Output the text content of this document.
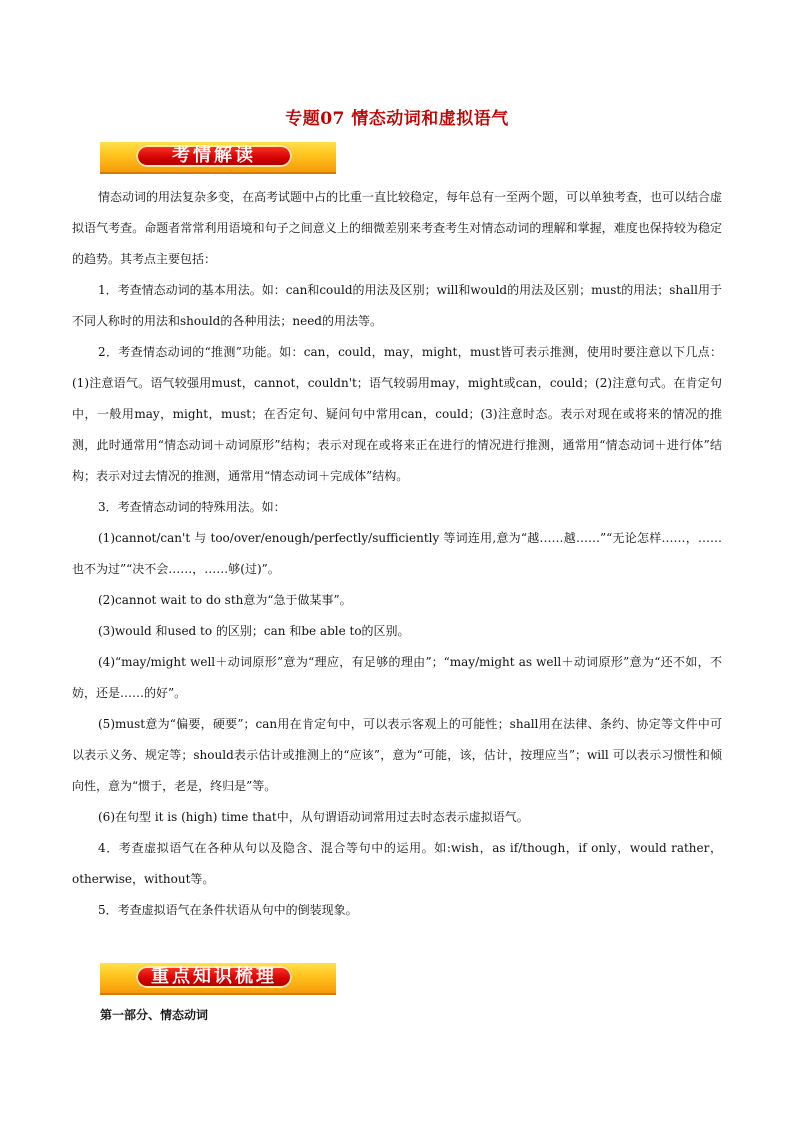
专题07 情态动词和虚拟语气
考情解读

情态动词的用法复杂多变，在高考试题中占的比重一直比较稳定，每年总有一至两个题，可以单独考查，也可以结合虚拟语气考查。命题者常常利用语境和句子之间意义上的细微差别来考查考生对情态动词的理解和掌握，难度也保持较为稳定的趋势。其考点主要包括：

1．考查情态动词的基本用法。如：can和could的用法及区别；will和would的用法及区别；must的用法；shall用于不同人称时的用法和should的各种用法；need的用法等。

2．考查情态动词的“推测”功能。如：can，could，may，might，must皆可表示推测，使用时要注意以下几点：(1)注意语气。语气较强用must，cannot，couldn't；语气较弱用may，might或can，could；(2)注意句式。在肯定句中，一般用may，might，must；在否定句、疑问句中常用can，could；(3)注意时态。表示对现在或将来的情况的推测，此时通常用“情态动词＋动词原形”结构；表示对现在或将来正在进行的情况进行推测，通常用“情态动词＋进行体”结构；表示对过去情况的推测，通常用“情态动词＋完成体”结构。

3．考查情态动词的特殊用法。如：

(1)cannot/can't 与 too/over/enough/perfectly/sufficiently 等词连用,意为“越……越……”“无论怎样……，……也不为过”“决不会……，……够(过)”。

(2)cannot wait to do sth意为“急于做某事”。

(3)would 和used to 的区别；can 和be able to的区别。

(4)“may/might well＋动词原形”意为“理应，有足够的理由”；“may/might as well＋动词原形”意为“还不如，不妨，还是……的好”。

(5)must意为“偏要，硬要”；can用在肯定句中，可以表示客观上的可能性；shall用在法律、条约、协定等文件中可以表示义务、规定等；should表示估计或推测上的“应该”，意为“可能，该，估计，按理应当”；will 可以表示习惯性和倾向性，意为“惯于，老是，终归是”等。

(6)在句型 it is (high) time that中，从句谓语动词常用过去时态表示虚拟语气。

4．考查虚拟语气在各种从句以及隐含、混合等句中的运用。如:wish，as if/though，if only，would rather，otherwise，without等。

5．考查虚拟语气在条件状语从句中的倒装现象。

重点知识梳理
第一部分、情态动词
